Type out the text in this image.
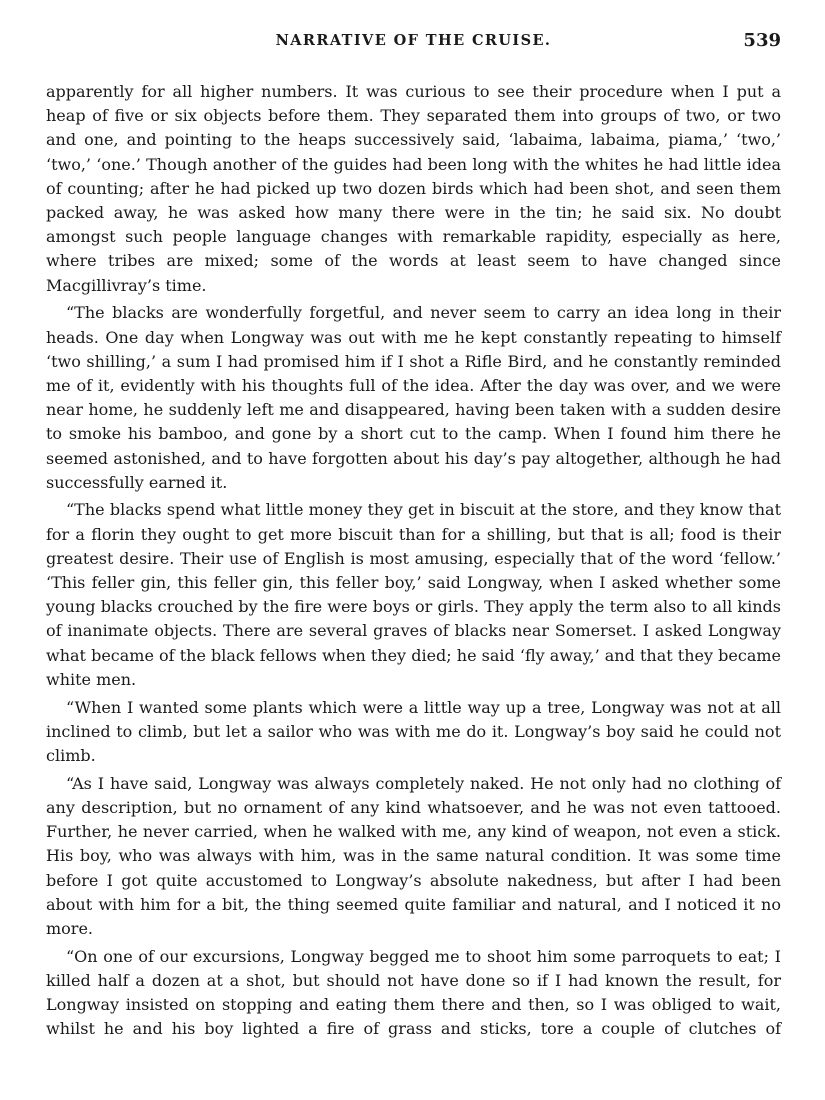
NARRATIVE OF THE CRUISE.	539

apparently for all higher numbers. It was curious to see their procedure when I put a heap of five or six objects before them. They separated them into groups of two, or two and one, and pointing to the heaps successively said, ‘labaima, labaima, piama,’ ‘two,’ ‘two,’ ‘one.’ Though another of the guides had been long with the whites he had little idea of counting; after he had picked up two dozen birds which had been shot, and seen them packed away, he was asked how many there were in the tin; he said six. No doubt amongst such people language changes with remarkable rapidity, especially as here, where tribes are mixed; some of the words at least seem to have changed since Macgillivray’s time.

“The blacks are wonderfully forgetful, and never seem to carry an idea long in their heads. One day when Longway was out with me he kept constantly repeating to himself ‘two shilling,’ a sum I had promised him if I shot a Rifle Bird, and he constantly reminded me of it, evidently with his thoughts full of the idea. After the day was over, and we were near home, he suddenly left me and disappeared, having been taken with a sudden desire to smoke his bamboo, and gone by a short cut to the camp. When I found him there he seemed astonished, and to have forgotten about his day’s pay altogether, although he had successfully earned it.

“The blacks spend what little money they get in biscuit at the store, and they know that for a florin they ought to get more biscuit than for a shilling, but that is all; food is their greatest desire. Their use of English is most amusing, especially that of the word ‘fellow.’ ‘This feller gin, this feller gin, this feller boy,’ said Longway, when I asked whether some young blacks crouched by the fire were boys or girls. They apply the term also to all kinds of inanimate objects. There are several graves of blacks near Somerset. I asked Longway what became of the black fellows when they died; he said ‘fly away,’ and that they became white men.

“When I wanted some plants which were a little way up a tree, Longway was not at all inclined to climb, but let a sailor who was with me do it. Longway’s boy said he could not climb.

“As I have said, Longway was always completely naked. He not only had no clothing of any description, but no ornament of any kind whatsoever, and he was not even tattooed. Further, he never carried, when he walked with me, any kind of weapon, not even a stick. His boy, who was always with him, was in the same natural condition. It was some time before I got quite accustomed to Longway’s absolute nakedness, but after I had been about with him for a bit, the thing seemed quite familiar and natural, and I noticed it no more.

“On one of our excursions, Longway begged me to shoot him some parroquets to eat; I killed half a dozen at a shot, but should not have done so if I had known the result, for Longway insisted on stopping and eating them there and then, so I was obliged to wait, whilst he and his boy lighted a fire of grass and sticks, tore a couple of clutches of
